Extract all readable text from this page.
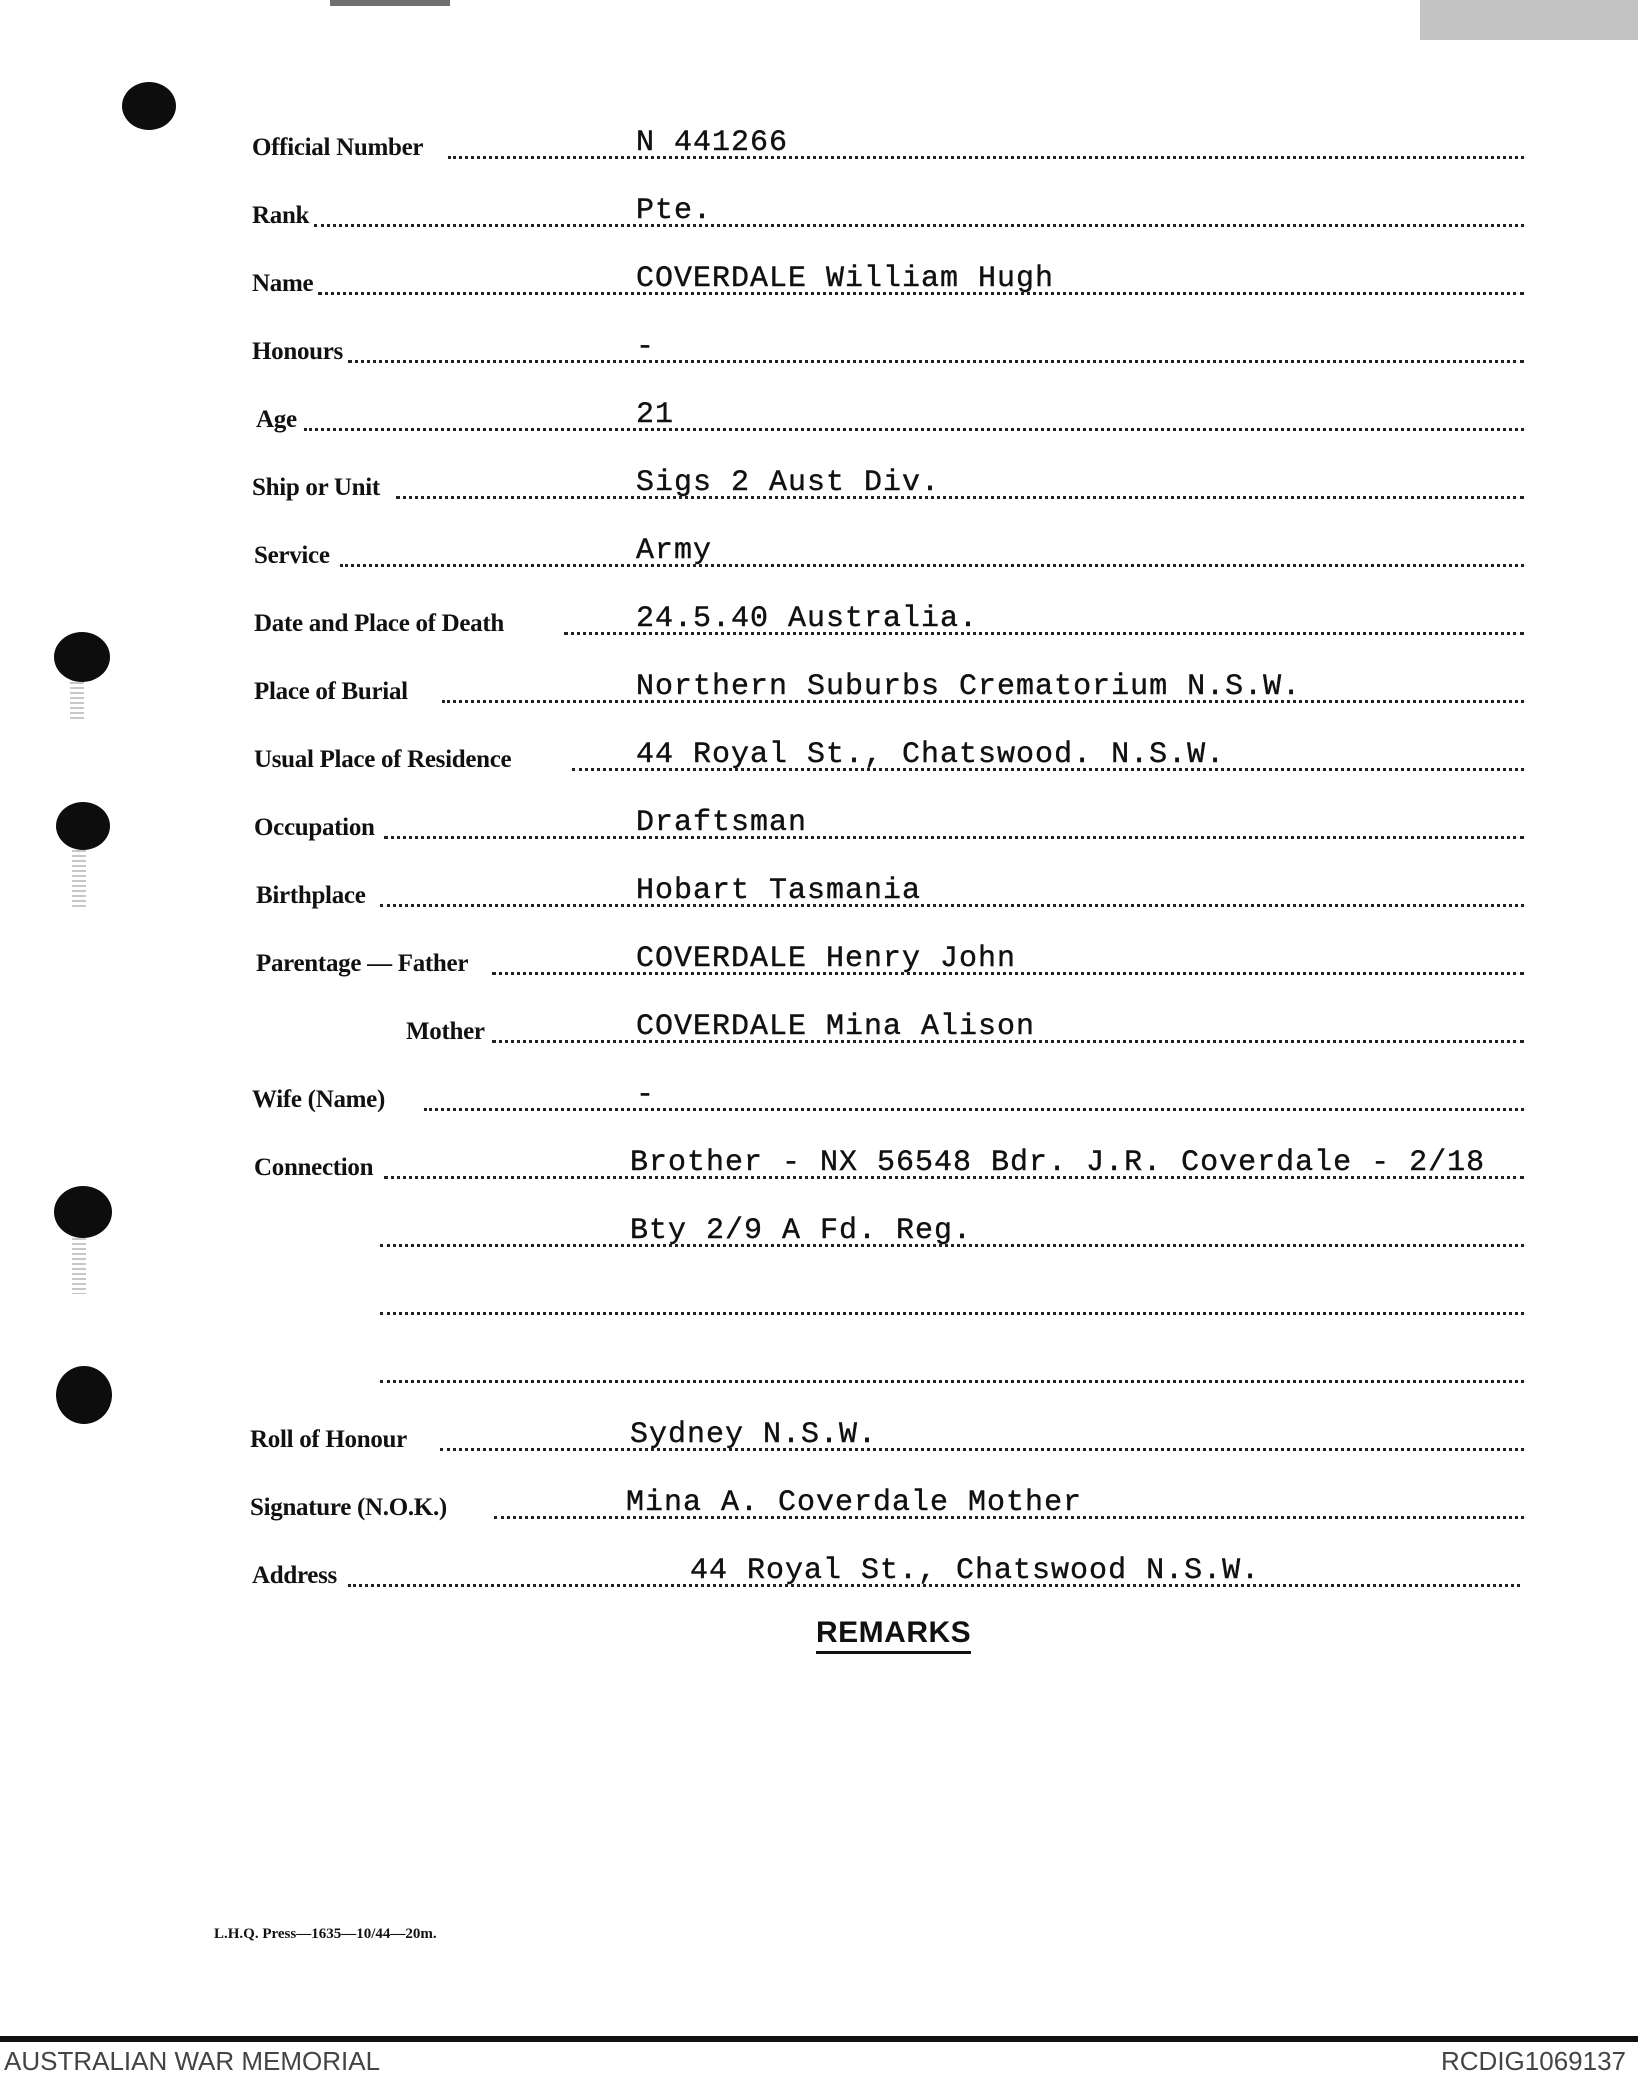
Official Number	N 441266
Rank	Pte.
Name	COVERDALE William Hugh
Honours	-
Age	21
Ship or Unit	Sigs 2 Aust Div.
Service	Army
Date and Place of Death	24.5.40 Australia.
Place of Burial	Northern Suburbs Crematorium N.S.W.
Usual Place of Residence	44 Royal St., Chatswood. N.S.W.
Occupation	Draftsman
Birthplace	Hobart Tasmania
Parentage — Father	COVERDALE Henry John
Mother	COVERDALE Mina Alison
Wife (Name)	-
Connection	Brother - NX 56548 Bdr. J.R. Coverdale - 2/18
Bty 2/9 A Fd. Reg.
Roll of Honour	Sydney N.S.W.
Signature (N.O.K.)	Mina A. Coverdale Mother
Address	44 Royal St., Chatswood N.S.W.
REMARKS
L.H.Q. Press—1635—10/44—20m.
AUSTRALIAN WAR MEMORIAL	RCDIG1069137
